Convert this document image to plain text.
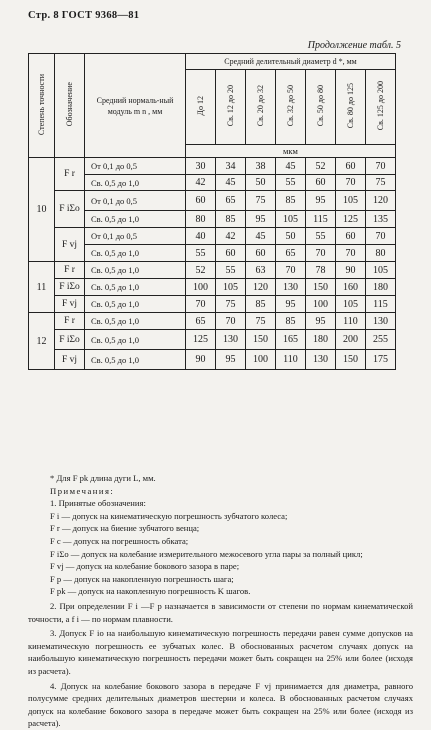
Стр. 8 ГОСТ 9368—81
Продолжение табл. 5
Степень точности	Обозначение	Средний нормаль-ный модуль m n , мм	Средний делительный диаметр d *, мм						
			До 12	Св. 12 до 20	Св. 20 до 32	Св. 32 до 50	Св. 50 до 80	Св. 80 до 125	Св. 125 до 200
			мкм						
10	F r	От 0,1 до 0,5	30	34	38	45	52	60	70
		Св. 0,5 до 1,0	42	45	50	55	60	70	75
	F iΣo	От 0,1 до 0,5	60	65	75	85	95	105	120
		Св. 0,5 до 1,0	80	85	95	105	115	125	135
	F vj	От 0,1 до 0,5	40	42	45	50	55	60	70
		Св. 0,5 до 1,0	55	60	60	65	70	70	80
11	F r	Св. 0,5 до 1,0	52	55	63	70	78	90	105
	F iΣo	Св. 0,5 до 1,0	100	105	120	130	150	160	180
	F vj	Св. 0,5 до 1,0	70	75	85	95	100	105	115
12	F r	Св. 0,5 до 1,0	65	70	75	85	95	110	130
	F iΣo	Св. 0,5 до 1,0	125	130	150	165	180	200	255
	F vj	Св. 0,5 до 1,0	90	95	100	110	130	150	175

* Для F pk длина дуги L, мм.

Примечания:

1. Принятые обозначения:

F i — допуск на кинематическую погрешность зубчатого колеса;

F r — допуск на биение зубчатого венца;

F c — допуск на погрешность обката;

F iΣo — допуск на колебание измерительного межосевого угла пары за полный цикл;

F vj — допуск на колебание бокового зазора в паре;

F p — допуск на накопленную погрешность шага;

F pk — допуск на накопленную погрешность K шагов.

2. При определении F i —F p назначается в зависимости от степени по нормам кинематической точности, а f i — по нормам плавности.

3. Допуск F io на наибольшую кинематическую погрешность передачи равен сумме допусков на кинематическую погрешность ее зубчатых колес. В обоснованных расчетом случаях допуск на наибольшую кинематическую погрешность передачи может быть сокращен на 25% или более (исходя из расчета).

4. Допуск на колебание бокового зазора в передаче F vj принимается для диаметра, равного полусумме средних делительных диаметров шестерни и колеса. В обоснованных расчетом случаях допуск на колебание бокового зазора в передаче может быть сокращен на 25% или более (исходя из расчета).
